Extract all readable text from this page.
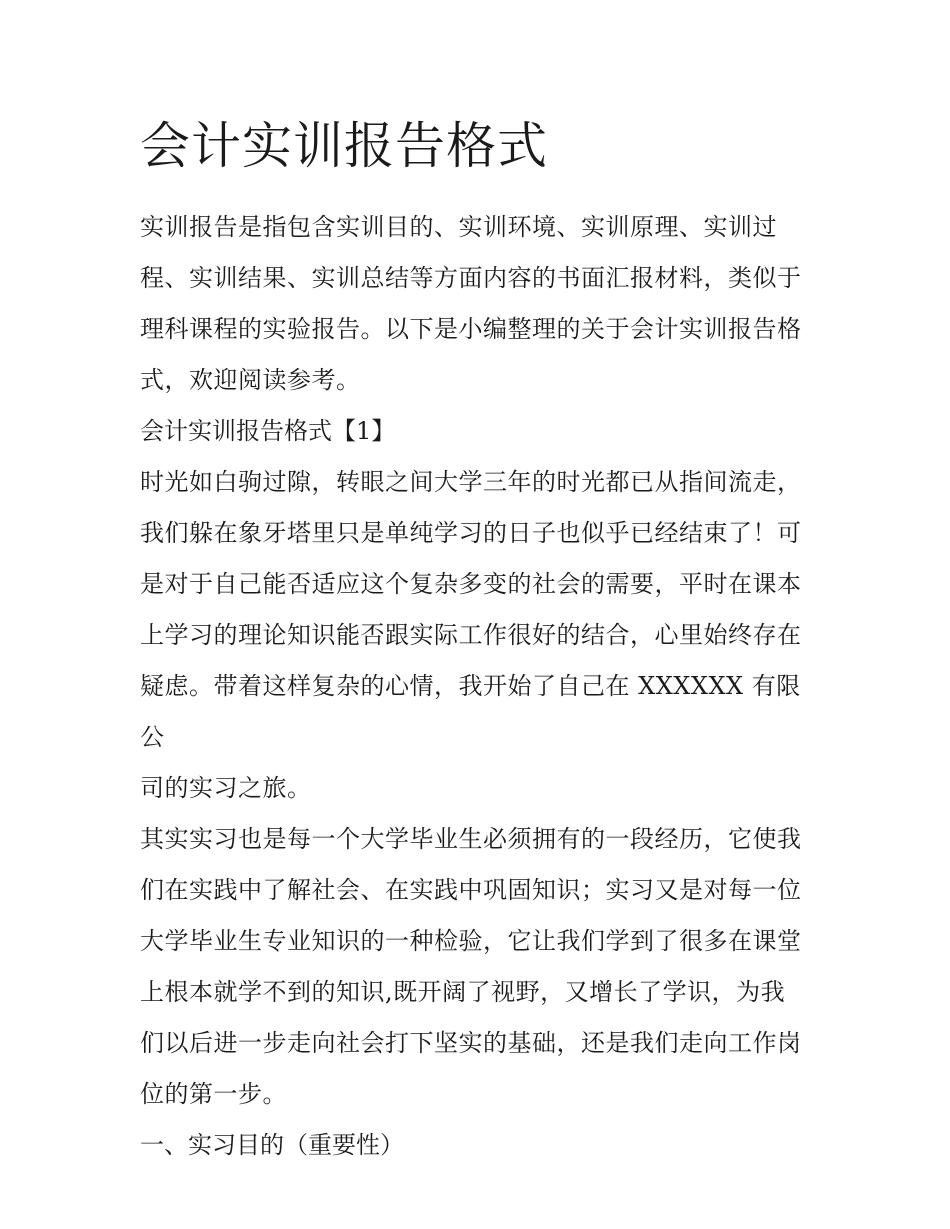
会计实训报告格式

实训报告是指包含实训目的、实训环境、实训原理、实训过

程、实训结果、实训总结等方面内容的书面汇报材料，类似于

理科课程的实验报告。以下是小编整理的关于会计实训报告格

式，欢迎阅读参考。

会计实训报告格式【1】

时光如白驹过隙，转眼之间大学三年的时光都已从指间流走，

我们躲在象牙塔里只是单纯学习的日子也似乎已经结束了！可

是对于自己能否适应这个复杂多变的社会的需要，平时在课本

上学习的理论知识能否跟实际工作很好的结合，心里始终存在

疑虑。带着这样复杂的心情，我开始了自己在 XXXXXX 有限公

司的实习之旅。

其实实习也是每一个大学毕业生必须拥有的一段经历，它使我

们在实践中了解社会、在实践中巩固知识；实习又是对每一位

大学毕业生专业知识的一种检验，它让我们学到了很多在课堂

上根本就学不到的知识,既开阔了视野，又增长了学识，为我

们以后进一步走向社会打下坚实的基础，还是我们走向工作岗

位的第一步。

一、实习目的（重要性）
